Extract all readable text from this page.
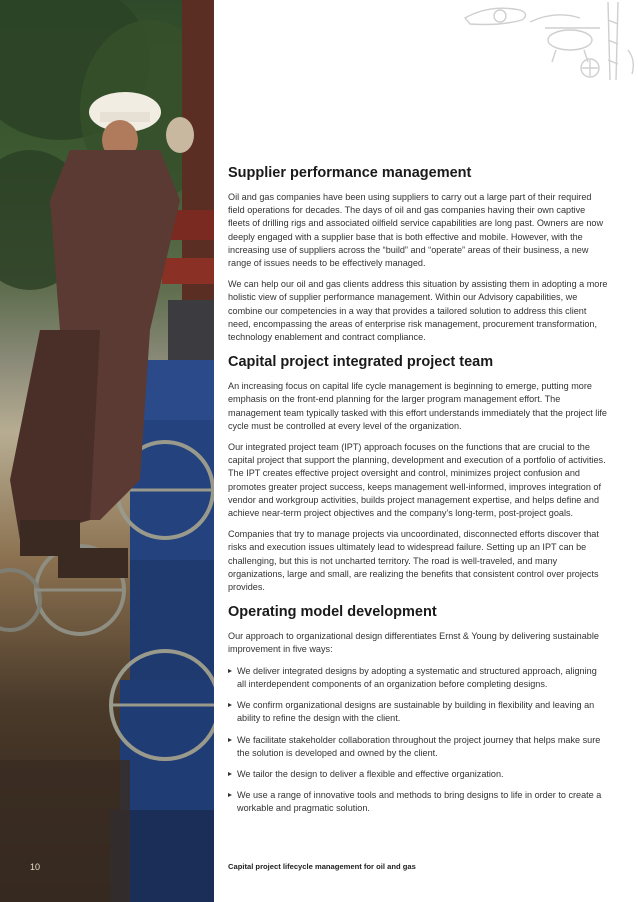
10
Supplier performance management

Oil and gas companies have been using suppliers to carry out a large part of their required field operations for decades. The days of oil and gas companies having their own captive fleets of drilling rigs and associated oilfield service capabilities are long past. Owners are now deeply engaged with a supplier base that is both effective and mobile. However, with the increasing use of suppliers across the “build” and “operate” areas of their business, a new range of issues needs to be effectively managed.

We can help our oil and gas clients address this situation by assisting them in adopting a more holistic view of supplier performance management. Within our Advisory capabilities, we combine our competencies in a way that provides a tailored solution to address this client need, encompassing the areas of enterprise risk management, procurement transformation, technology enablement and contract compliance.

Capital project integrated project team

An increasing focus on capital life cycle management is beginning to emerge, putting more emphasis on the front-end planning for the larger program management effort. The management team typically tasked with this effort understands immediately that the project life cycle must be controlled at every level of the organization.

Our integrated project team (IPT) approach focuses on the functions that are crucial to the capital project that support the planning, development and execution of a portfolio of activities. The IPT creates effective project oversight and control, minimizes project confusion and promotes greater project success, keeps management well-informed, improves integration of vendor and workgroup activities, builds project management expertise, and helps define and achieve near-term project objectives and the company’s long-term, post-project goals.

Companies that try to manage projects via uncoordinated, disconnected efforts discover that risks and execution issues ultimately lead to widespread failure. Setting up an IPT can be challenging, but this is not uncharted territory. The road is well-traveled, and many organizations, large and small, are realizing the benefits that consistent control over projects provides.

Operating model development

Our approach to organizational design differentiates Ernst & Young by delivering sustainable improvement in five ways:

We deliver integrated designs by adopting a systematic and structured approach, aligning all interdependent components of an organization before completing designs.
We confirm organizational designs are sustainable by building in flexibility and leaving an ability to refine the design with the client.
We facilitate stakeholder collaboration throughout the project journey that helps make sure the solution is developed and owned by the client.
We tailor the design to deliver a flexible and effective organization.
We use a range of innovative tools and methods to bring designs to life in order to create a workable and pragmatic solution.
Capital project lifecycle management for oil and gas
